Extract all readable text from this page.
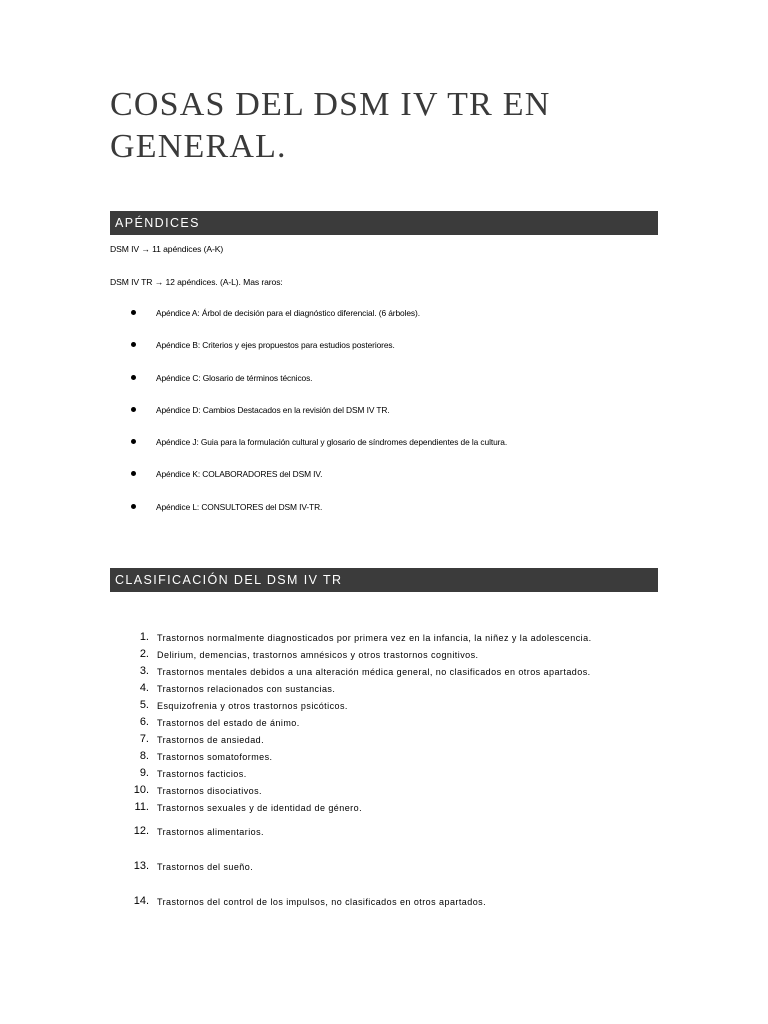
COSAS DEL DSM IV TR EN GENERAL.
APÉNDICES
DSM IV → 11 apéndices (A-K)
DSM IV TR → 12 apéndices. (A-L). Mas raros:
Apéndice A: Árbol de decisión para el diagnóstico diferencial. (6 árboles).
Apéndice B: Criterios y ejes propuestos para estudios posteriores.
Apéndice C: Glosario de términos técnicos.
Apéndice D: Cambios Destacados en la revisión del DSM IV TR.
Apéndice J: Guia para la formulación cultural y glosario de síndromes dependientes de la cultura.
Apéndice K: COLABORADORES del DSM IV.
Apéndice L: CONSULTORES del DSM IV-TR.
CLASIFICACIÓN DEL DSM IV TR
1. Trastornos normalmente diagnosticados por primera vez en la infancia, la niñez y la adolescencia.
2. Delirium, demencias, trastornos amnésicos y otros trastornos cognitivos.
3. Trastornos mentales debidos a una alteración médica general, no clasificados en otros apartados.
4. Trastornos relacionados con sustancias.
5. Esquizofrenia y otros trastornos psicóticos.
6. Trastornos del estado de ánimo.
7. Trastornos de ansiedad.
8. Trastornos somatoformes.
9. Trastornos facticios.
10. Trastornos disociativos.
11. Trastornos sexuales y de identidad de género.
12. Trastornos alimentarios.
13. Trastornos del sueño.
14. Trastornos del control de los impulsos, no clasificados en otros apartados.
